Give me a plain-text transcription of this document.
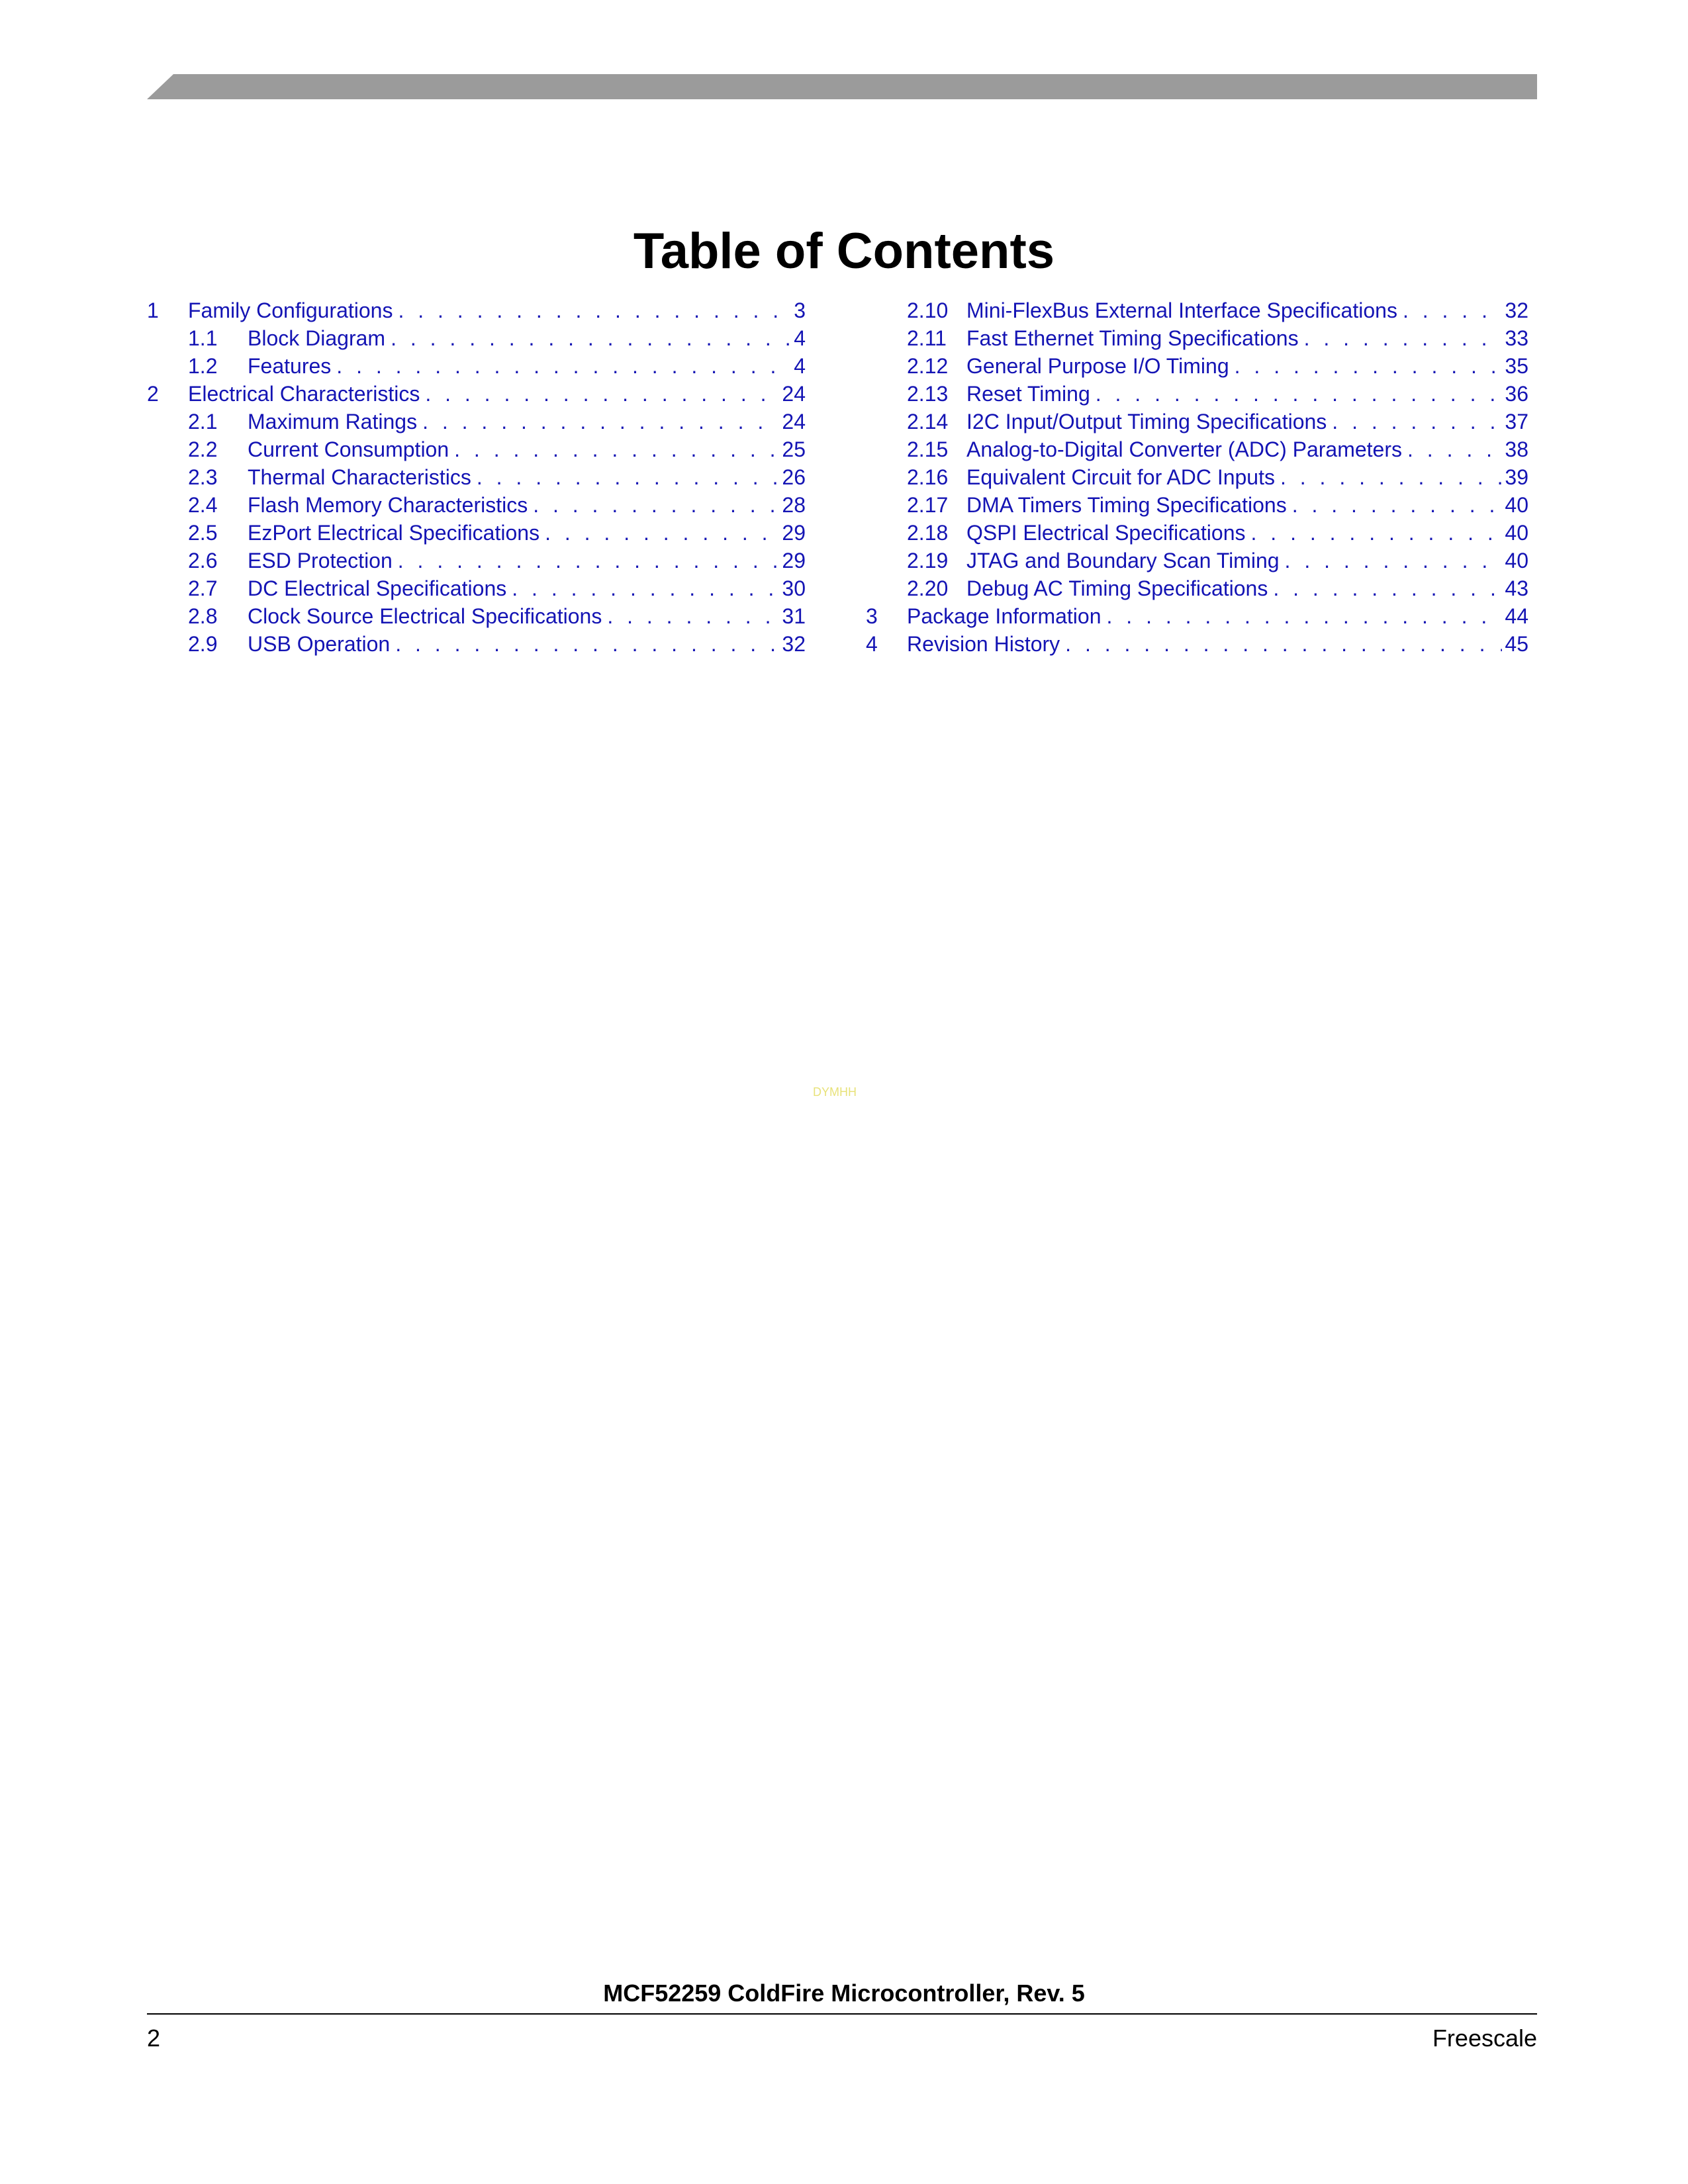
Table of Contents
1 Family Configurations . . .	3
1.1 Block Diagram . . .	4
1.2 Features . . .	4
2 Electrical Characteristics . . .	24
2.1 Maximum Ratings . . .	24
2.2 Current Consumption . . .	25
2.3 Thermal Characteristics . . .	26
2.4 Flash Memory Characteristics . . .	28
2.5 EzPort Electrical Specifications . . .	29
2.6 ESD Protection . . .	29
2.7 DC Electrical Specifications . . .	30
2.8 Clock Source Electrical Specifications . . .	31
2.9 USB Operation . . .	32
2.10 Mini-FlexBus External Interface Specifications . . .	32
2.11 Fast Ethernet Timing Specifications . . .	33
2.12 General Purpose I/O Timing . . .	35
2.13 Reset Timing . . .	36
2.14 I2C Input/Output Timing Specifications . . .	37
2.15 Analog-to-Digital Converter (ADC) Parameters . . .	38
2.16 Equivalent Circuit for ADC Inputs . . .	39
2.17 DMA Timers Timing Specifications . . .	40
2.18 QSPI Electrical Specifications . . .	40
2.19 JTAG and Boundary Scan Timing . . .	40
2.20 Debug AC Timing Specifications . . .	43
3 Package Information . . .	44
4 Revision History . . .	45
DYMHH
MCF52259 ColdFire Microcontroller, Rev. 5
2	Freescale
